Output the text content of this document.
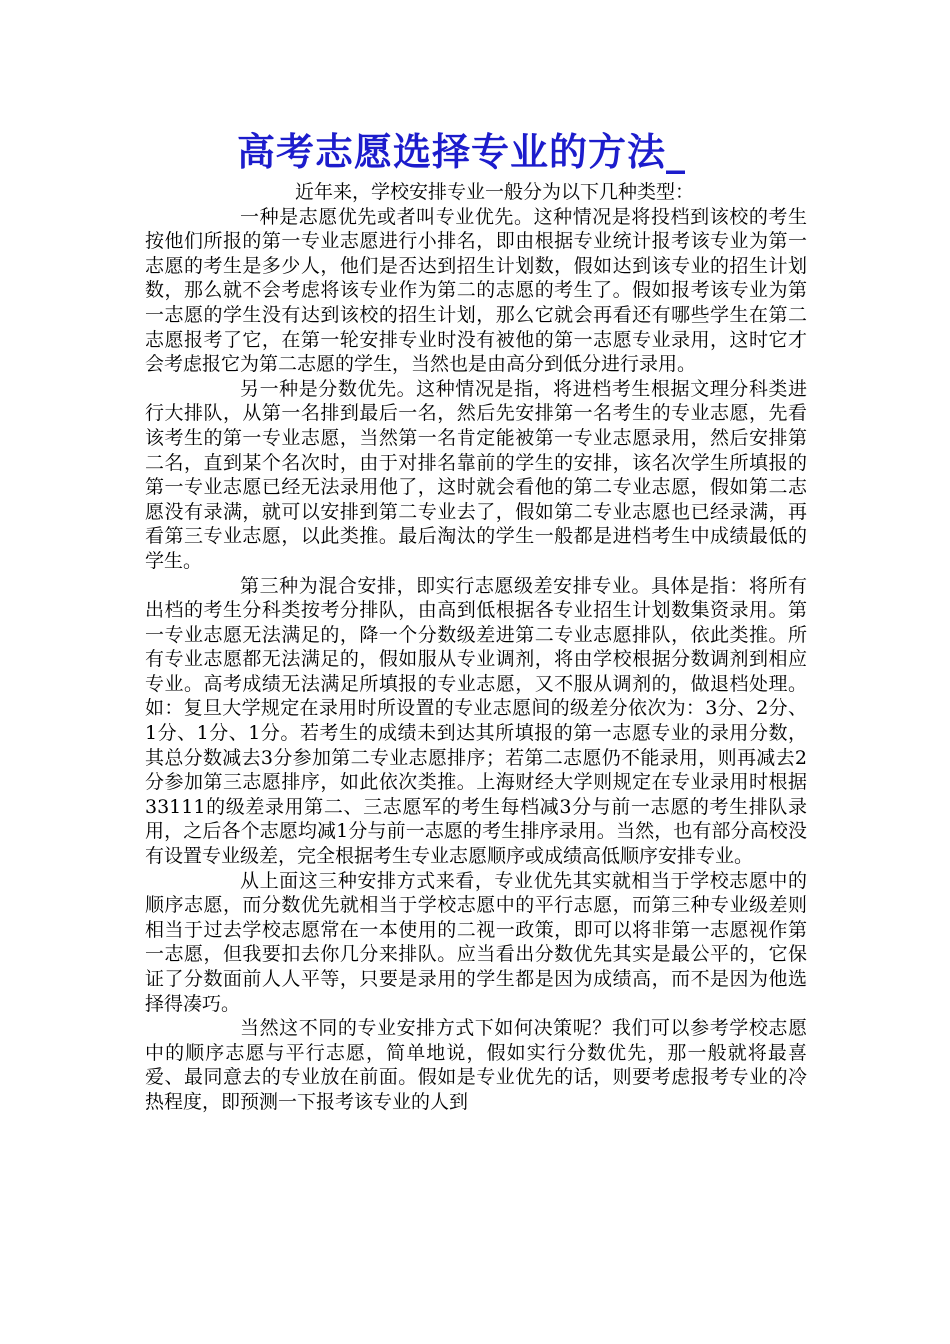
高考志愿选择专业的方法_

近年来，学校安排专业一般分为以下几种类型：

一种是志愿优先或者叫专业优先。这种情况是将投档到该校的考生按他们所报的第一专业志愿进行小排名，即由根据专业统计报考该专业为第一志愿的考生是多少人，他们是否达到招生计划数，假如达到该专业的招生计划数，那么就不会考虑将该专业作为第二的志愿的考生了。假如报考该专业为第一志愿的学生没有达到该校的招生计划，那么它就会再看还有哪些学生在第二志愿报考了它，在第一轮安排专业时没有被他的第一志愿专业录用，这时它才会考虑报它为第二志愿的学生，当然也是由高分到低分进行录用。

另一种是分数优先。这种情况是指，将进档考生根据文理分科类进行大排队，从第一名排到最后一名，然后先安排第一名考生的专业志愿，先看该考生的第一专业志愿，当然第一名肯定能被第一专业志愿录用，然后安排第二名，直到某个名次时，由于对排名靠前的学生的安排，该名次学生所填报的第一专业志愿已经无法录用他了，这时就会看他的第二专业志愿，假如第二志愿没有录满，就可以安排到第二专业去了，假如第二专业志愿也已经录满，再看第三专业志愿，以此类推。最后淘汰的学生一般都是进档考生中成绩最低的学生。

第三种为混合安排，即实行志愿级差安排专业。具体是指：将所有出档的考生分科类按考分排队，由高到低根据各专业招生计划数集资录用。第一专业志愿无法满足的，降一个分数级差进第二专业志愿排队，依此类推。所有专业志愿都无法满足的，假如服从专业调剂，将由学校根据分数调剂到相应专业。高考成绩无法满足所填报的专业志愿，又不服从调剂的，做退档处理。如：复旦大学规定在录用时所设置的专业志愿间的级差分依次为：3分、2分、1分、1分、1分。若考生的成绩未到达其所填报的第一志愿专业的录用分数，其总分数减去3分参加第二专业志愿排序；若第二志愿仍不能录用，则再减去2分参加第三志愿排序，如此依次类推。上海财经大学则规定在专业录用时根据33111的级差录用第二、三志愿军的考生每档减3分与前一志愿的考生排队录用，之后各个志愿均减1分与前一志愿的考生排序录用。当然，也有部分高校没有设置专业级差，完全根据考生专业志愿顺序或成绩高低顺序安排专业。

从上面这三种安排方式来看，专业优先其实就相当于学校志愿中的顺序志愿，而分数优先就相当于学校志愿中的平行志愿，而第三种专业级差则相当于过去学校志愿常在一本使用的二视一政策，即可以将非第一志愿视作第一志愿，但我要扣去你几分来排队。应当看出分数优先其实是最公平的，它保证了分数面前人人平等，只要是录用的学生都是因为成绩高，而不是因为他选择得凑巧。

当然这不同的专业安排方式下如何决策呢？我们可以参考学校志愿中的顺序志愿与平行志愿，简单地说，假如实行分数优先，那一般就将最喜爱、最同意去的专业放在前面。假如是专业优先的话，则要考虑报考专业的冷热程度，即预测一下报考该专业的人到
